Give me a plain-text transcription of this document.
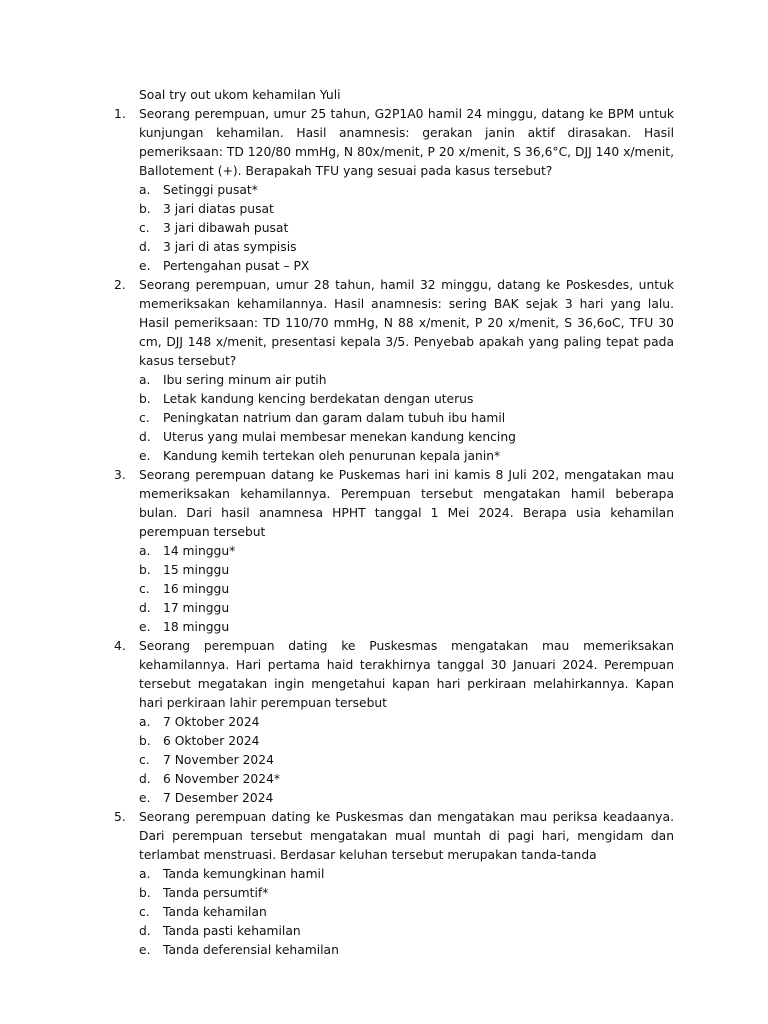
Soal try out ukom kehamilan Yuli
1. Seorang perempuan, umur 25 tahun, G2P1A0 hamil 24 minggu, datang ke BPM untuk kunjungan kehamilan. Hasil anamnesis: gerakan janin aktif dirasakan. Hasil pemeriksaan: TD 120/80 mmHg, N 80x/menit, P 20 x/menit, S 36,6°C, DJJ 140 x/menit, Ballotement (+). Berapakah TFU yang sesuai pada kasus tersebut?

a. Setinggi pusat*
b. 3 jari diatas pusat
c. 3 jari dibawah pusat
d. 3 jari di atas sympisis
e. Pertengahan pusat – PX
2. Seorang perempuan, umur 28 tahun, hamil 32 minggu, datang ke Poskesdes, untuk memeriksakan kehamilannya. Hasil anamnesis: sering BAK sejak 3 hari yang lalu. Hasil pemeriksaan: TD 110/70 mmHg, N 88 x/menit, P 20 x/menit, S 36,6oC, TFU 30 cm, DJJ 148 x/menit, presentasi kepala 3/5. Penyebab apakah yang paling tepat pada kasus tersebut?

a. Ibu sering minum air putih
b. Letak kandung kencing berdekatan dengan uterus
c. Peningkatan natrium dan garam dalam tubuh ibu hamil
d. Uterus yang mulai membesar menekan kandung kencing
e. Kandung kemih tertekan oleh penurunan kepala janin*
3. Seorang perempuan datang ke Puskemas hari ini kamis 8 Juli 202, mengatakan mau memeriksakan kehamilannya. Perempuan tersebut mengatakan hamil beberapa bulan. Dari hasil anamnesa HPHT tanggal 1 Mei 2024. Berapa usia kehamilan perempuan tersebut

a. 14 minggu*
b. 15 minggu
c. 16 minggu
d. 17 minggu
e. 18 minggu
4. Seorang perempuan dating ke Puskesmas mengatakan mau memeriksakan kehamilannya. Hari pertama haid terakhirnya tanggal 30 Januari 2024. Perempuan tersebut megatakan ingin mengetahui kapan hari perkiraan melahirkannya. Kapan hari perkiraan lahir perempuan tersebut

a. 7 Oktober 2024
b. 6 Oktober 2024
c. 7 November 2024
d. 6 November 2024*
e. 7 Desember 2024
5. Seorang perempuan dating ke Puskesmas dan mengatakan mau periksa keadaanya. Dari perempuan tersebut mengatakan mual muntah di pagi hari, mengidam dan terlambat menstruasi. Berdasar keluhan tersebut merupakan tanda-tanda

a. Tanda kemungkinan hamil
b. Tanda persumtif*
c. Tanda kehamilan
d. Tanda pasti kehamilan
e. Tanda deferensial kehamilan
